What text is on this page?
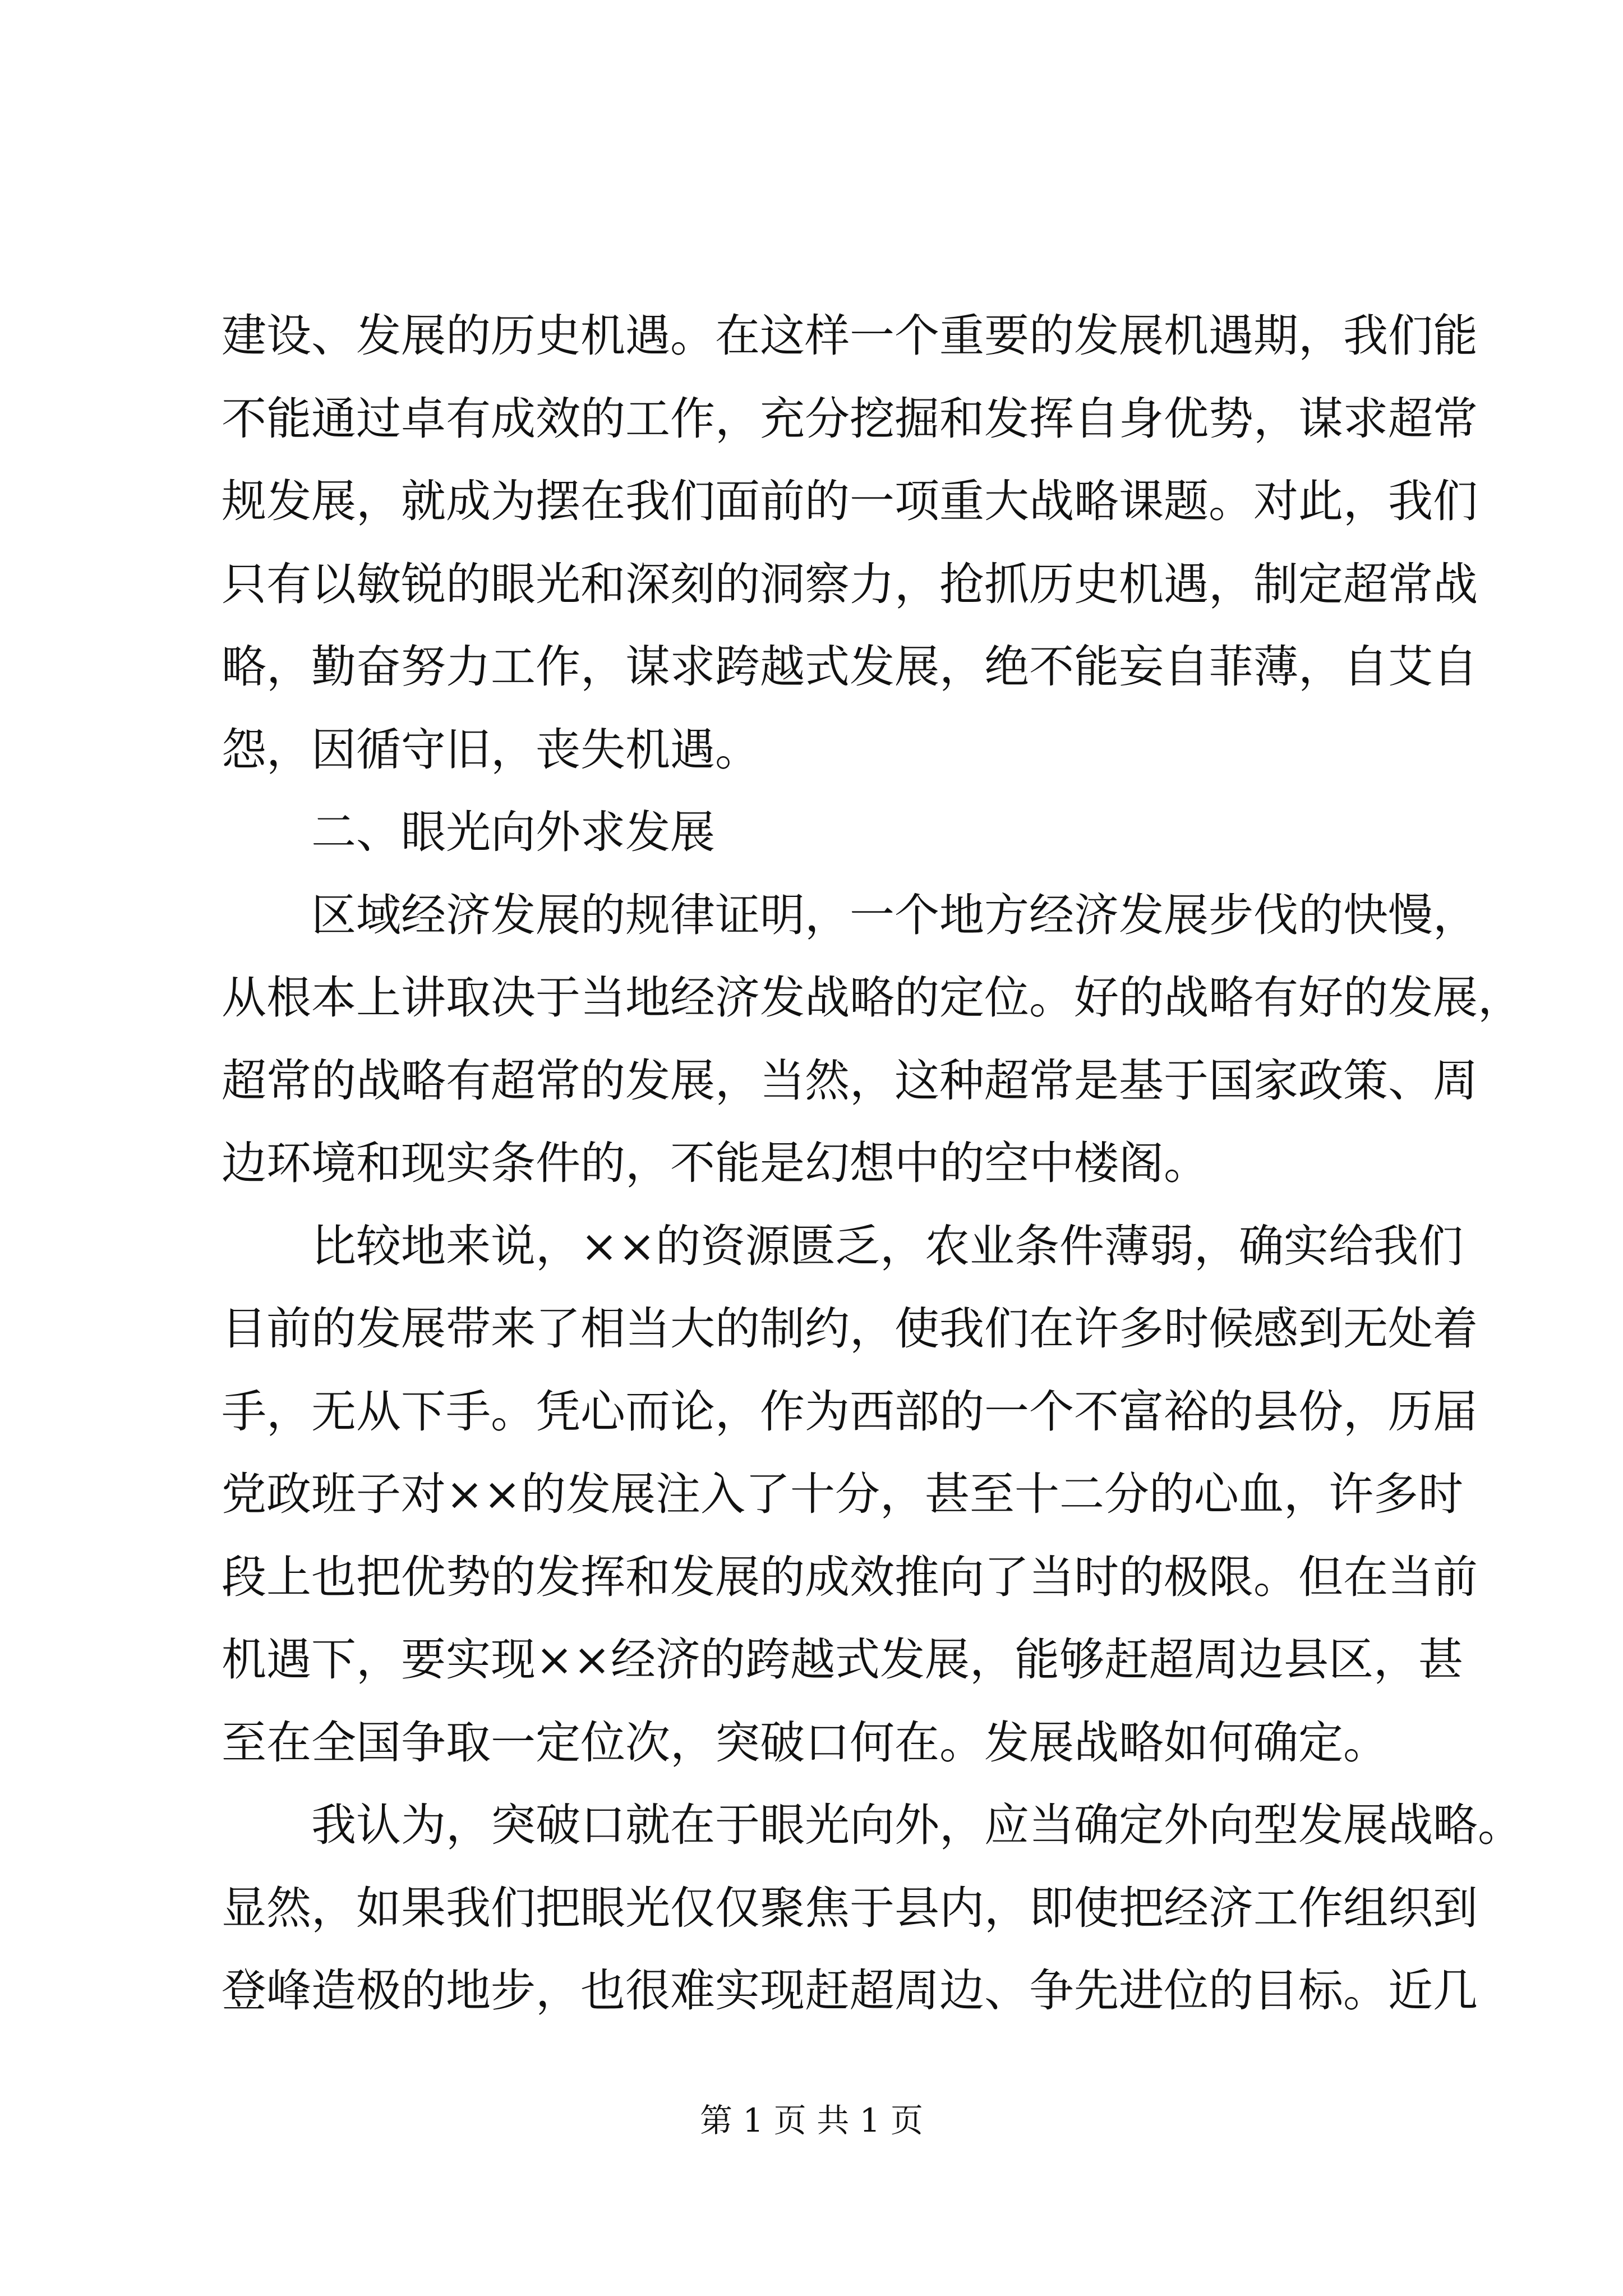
建设、发展的历史机遇。在这样一个重要的发展机遇期，我们能
不能通过卓有成效的工作，充分挖掘和发挥自身优势，谋求超常
规发展，就成为摆在我们面前的一项重大战略课题。对此，我们
只有以敏锐的眼光和深刻的洞察力，抢抓历史机遇，制定超常战
略，勤奋努力工作，谋求跨越式发展，绝不能妄自菲薄，自艾自
怨，因循守旧，丧失机遇。
二、眼光向外求发展
区域经济发展的规律证明，一个地方经济发展步伐的快慢，
从根本上讲取决于当地经济发战略的定位。好的战略有好的发展，
超常的战略有超常的发展，当然，这种超常是基于国家政策、周
边环境和现实条件的，不能是幻想中的空中楼阁。
比较地来说，××的资源匮乏，农业条件薄弱，确实给我们
目前的发展带来了相当大的制约，使我们在许多时候感到无处着
手，无从下手。凭心而论，作为西部的一个不富裕的县份，历届
党政班子对××的发展注入了十分，甚至十二分的心血，许多时
段上也把优势的发挥和发展的成效推向了当时的极限。但在当前
机遇下，要实现××经济的跨越式发展，能够赶超周边县区，甚
至在全国争取一定位次，突破口何在。发展战略如何确定。
我认为，突破口就在于眼光向外，应当确定外向型发展战略。
显然，如果我们把眼光仅仅聚焦于县内，即使把经济工作组织到
登峰造极的地步，也很难实现赶超周边、争先进位的目标。近几
第 1 页 共 1 页
